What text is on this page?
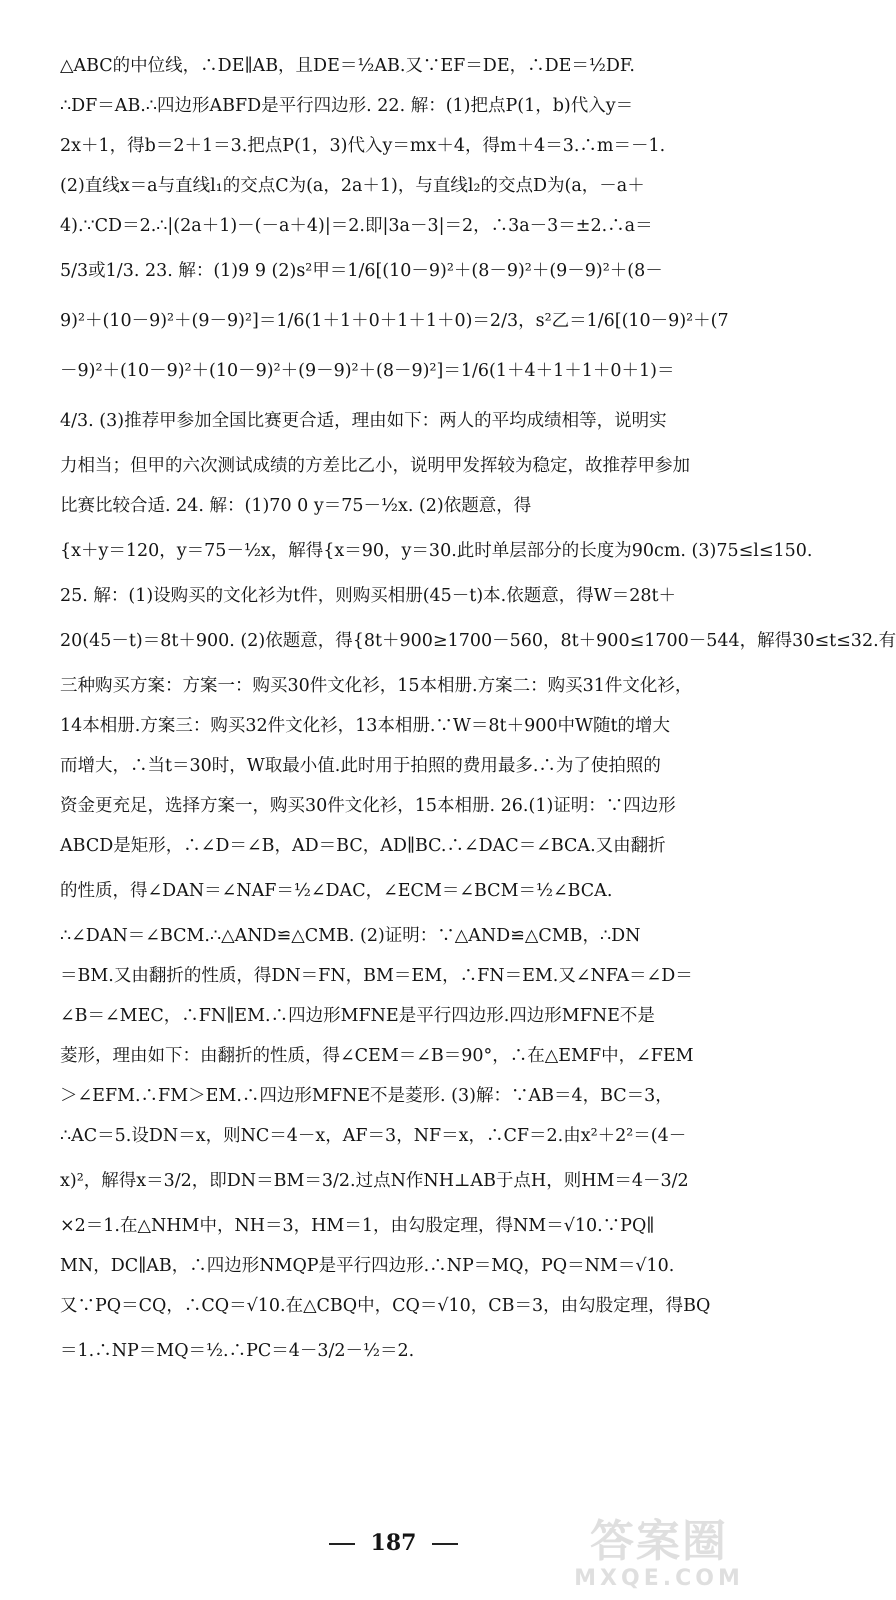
△ABC的中位线，∴DE∥AB，且DE＝½AB.又∵EF＝DE，∴DE＝½DF.
∴DF＝AB.∴四边形ABFD是平行四边形. 22. 解：(1)把点P(1，b)代入y＝
2x＋1，得b＝2＋1＝3.把点P(1，3)代入y＝mx＋4，得m＋4＝3.∴m＝－1.
(2)直线x＝a与直线l₁的交点C为(a，2a＋1)，与直线l₂的交点D为(a，－a＋
4).∵CD＝2.∴|(2a＋1)－(－a＋4)|＝2.即|3a－3|＝2，∴3a－3＝±2.∴a＝
5/3或1/3. 23. 解：(1)9 9 (2)s²甲＝1/6[(10－9)²＋(8－9)²＋(9－9)²＋(8－
9)²＋(10－9)²＋(9－9)²]＝1/6(1＋1＋0＋1＋1＋0)＝2/3，s²乙＝1/6[(10－9)²＋(7
－9)²＋(10－9)²＋(10－9)²＋(9－9)²＋(8－9)²]＝1/6(1＋4＋1＋1＋0＋1)＝
4/3. (3)推荐甲参加全国比赛更合适，理由如下：两人的平均成绩相等，说明实
力相当；但甲的六次测试成绩的方差比乙小，说明甲发挥较为稳定，故推荐甲参加
比赛比较合适. 24. 解：(1)70 0 y＝75－½x. (2)依题意，得
{x＋y＝120，y＝75－½x，解得{x＝90，y＝30.此时单层部分的长度为90cm. (3)75≤l≤150.
25. 解：(1)设购买的文化衫为t件，则购买相册(45－t)本.依题意，得W＝28t＋
20(45－t)＝8t＋900. (2)依题意，得{8t＋900≥1700－560，8t＋900≤1700－544，解得30≤t≤32.有
三种购买方案：方案一：购买30件文化衫，15本相册.方案二：购买31件文化衫，
14本相册.方案三：购买32件文化衫，13本相册.∵W＝8t＋900中W随t的增大
而增大，∴当t＝30时，W取最小值.此时用于拍照的费用最多.∴为了使拍照的
资金更充足，选择方案一，购买30件文化衫，15本相册. 26.(1)证明：∵四边形
ABCD是矩形，∴∠D＝∠B，AD＝BC，AD∥BC.∴∠DAC＝∠BCA.又由翻折
的性质，得∠DAN＝∠NAF＝½∠DAC，∠ECM＝∠BCM＝½∠BCA.
∴∠DAN＝∠BCM.∴△AND≌△CMB. (2)证明：∵△AND≌△CMB，∴DN
＝BM.又由翻折的性质，得DN＝FN，BM＝EM，∴FN＝EM.又∠NFA＝∠D＝
∠B＝∠MEC，∴FN∥EM.∴四边形MFNE是平行四边形.四边形MFNE不是
菱形，理由如下：由翻折的性质，得∠CEM＝∠B＝90°，∴在△EMF中，∠FEM
＞∠EFM.∴FM＞EM.∴四边形MFNE不是菱形. (3)解：∵AB＝4，BC＝3，
∴AC＝5.设DN＝x，则NC＝4－x，AF＝3，NF＝x，∴CF＝2.由x²＋2²＝(4－
x)²，解得x＝3/2，即DN＝BM＝3/2.过点N作NH⊥AB于点H，则HM＝4－3/2
×2＝1.在△NHM中，NH＝3，HM＝1，由勾股定理，得NM＝√10.∵PQ∥
MN，DC∥AB，∴四边形NMQP是平行四边形.∴NP＝MQ，PQ＝NM＝√10.
又∵PQ＝CQ，∴CQ＝√10.在△CBQ中，CQ＝√10，CB＝3，由勾股定理，得BQ
＝1.∴NP＝MQ＝½.∴PC＝4－3/2－½＝2.
187	答案圈
MXQE.COM
